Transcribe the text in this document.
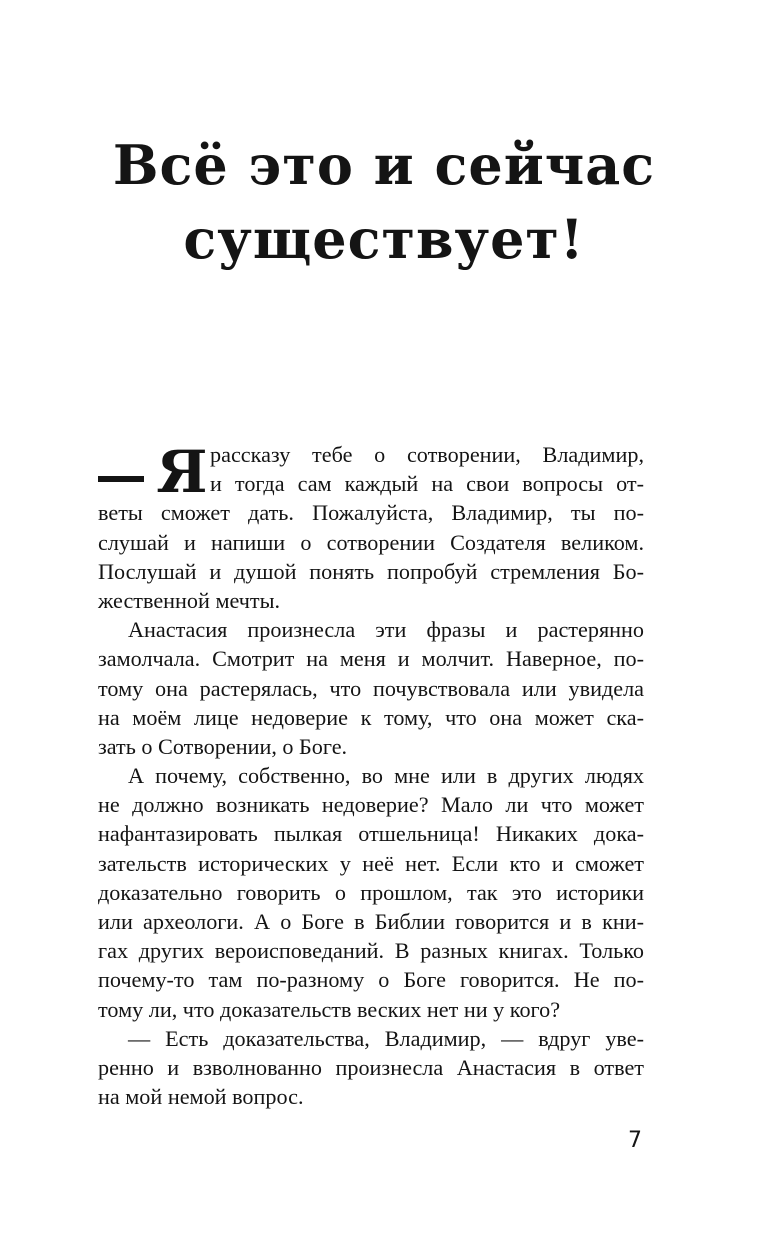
Всё это и сейчас
существует!
Я рассказу тебе о сотворении, Владимир,
и тогда сам каждый на свои вопросы от-
веты сможет дать. Пожалуйста, Владимир, ты по-
слушай и напиши о сотворении Создателя великом.
Послушай и душой понять попробуй стремления Бо-
жественной мечты.
Анастасия произнесла эти фразы и растерянно
замолчала. Смотрит на меня и молчит. Наверное, по-
тому она растерялась, что почувствовала или увидела
на моём лице недоверие к тому, что она может ска-
зать о Сотворении, о Боге.
А почему, собственно, во мне или в других людях
не должно возникать недоверие? Мало ли что может
нафантазировать пылкая отшельница! Никаких дока-
зательств исторических у неё нет. Если кто и сможет
доказательно говорить о прошлом, так это историки
или археологи. А о Боге в Библии говорится и в кни-
гах других вероисповеданий. В разных книгах. Только
почему-то там по-разному о Боге говорится. Не по-
тому ли, что доказательств веских нет ни у кого?
— Есть доказательства, Владимир, — вдруг уве-
ренно и взволнованно произнесла Анастасия в ответ
на мой немой вопрос.
7
